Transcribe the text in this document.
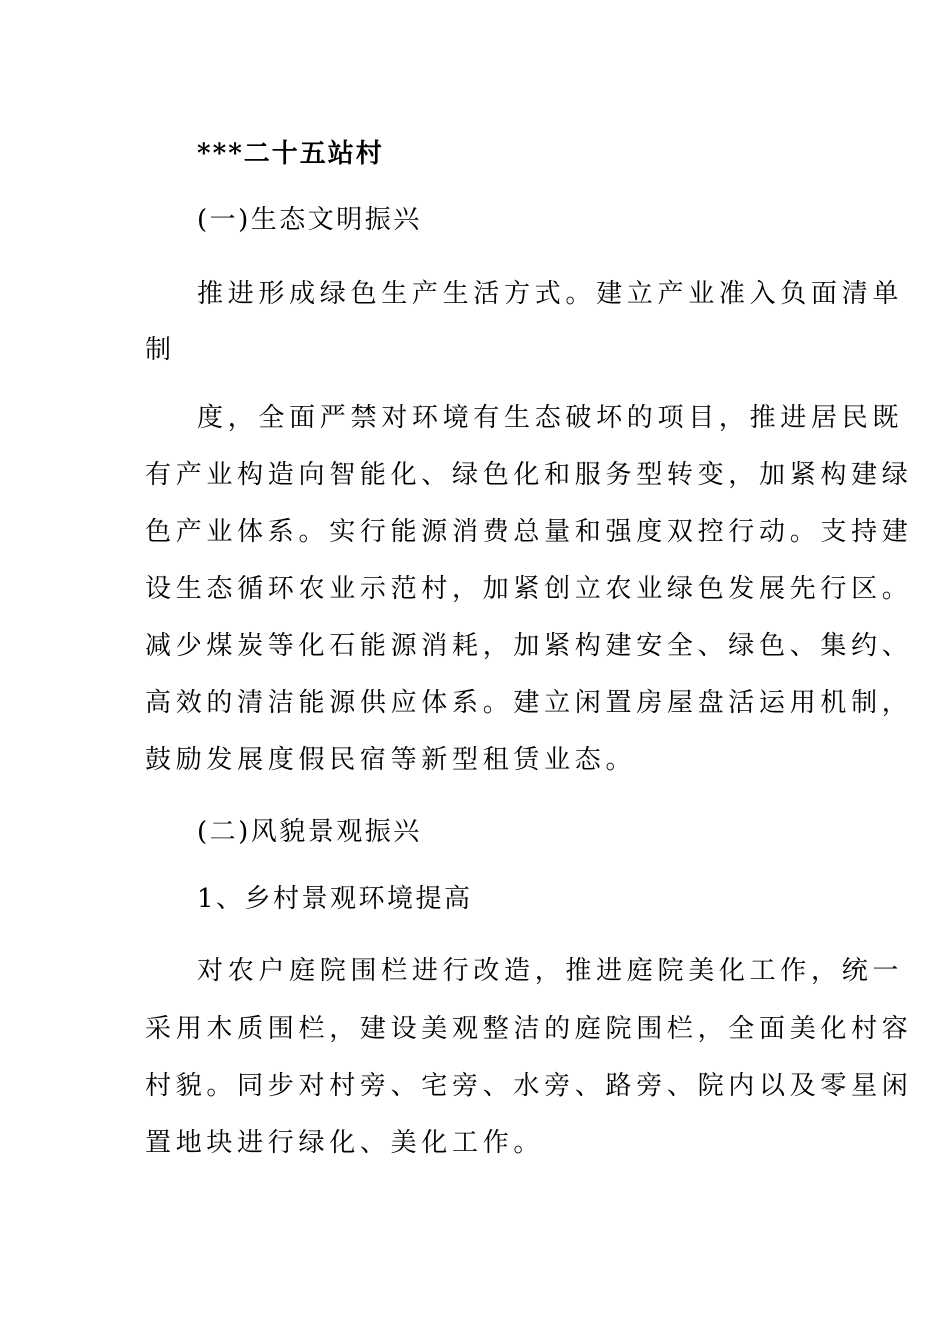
***二十五站村
(一)生态文明振兴
推进形成绿色生产生活方式。建立产业准入负面清单
制
度，全面严禁对环境有生态破坏的项目，推进居民既
有产业构造向智能化、绿色化和服务型转变，加紧构建绿
色产业体系。实行能源消费总量和强度双控行动。支持建
设生态循环农业示范村，加紧创立农业绿色发展先行区。
减少煤炭等化石能源消耗，加紧构建安全、绿色、集约、
高效的清洁能源供应体系。建立闲置房屋盘活运用机制，
鼓励发展度假民宿等新型租赁业态。
(二)风貌景观振兴
1、乡村景观环境提高
对农户庭院围栏进行改造，推进庭院美化工作，统一
采用木质围栏，建设美观整洁的庭院围栏，全面美化村容
村貌。同步对村旁、宅旁、水旁、路旁、院内以及零星闲
置地块进行绿化、美化工作。
